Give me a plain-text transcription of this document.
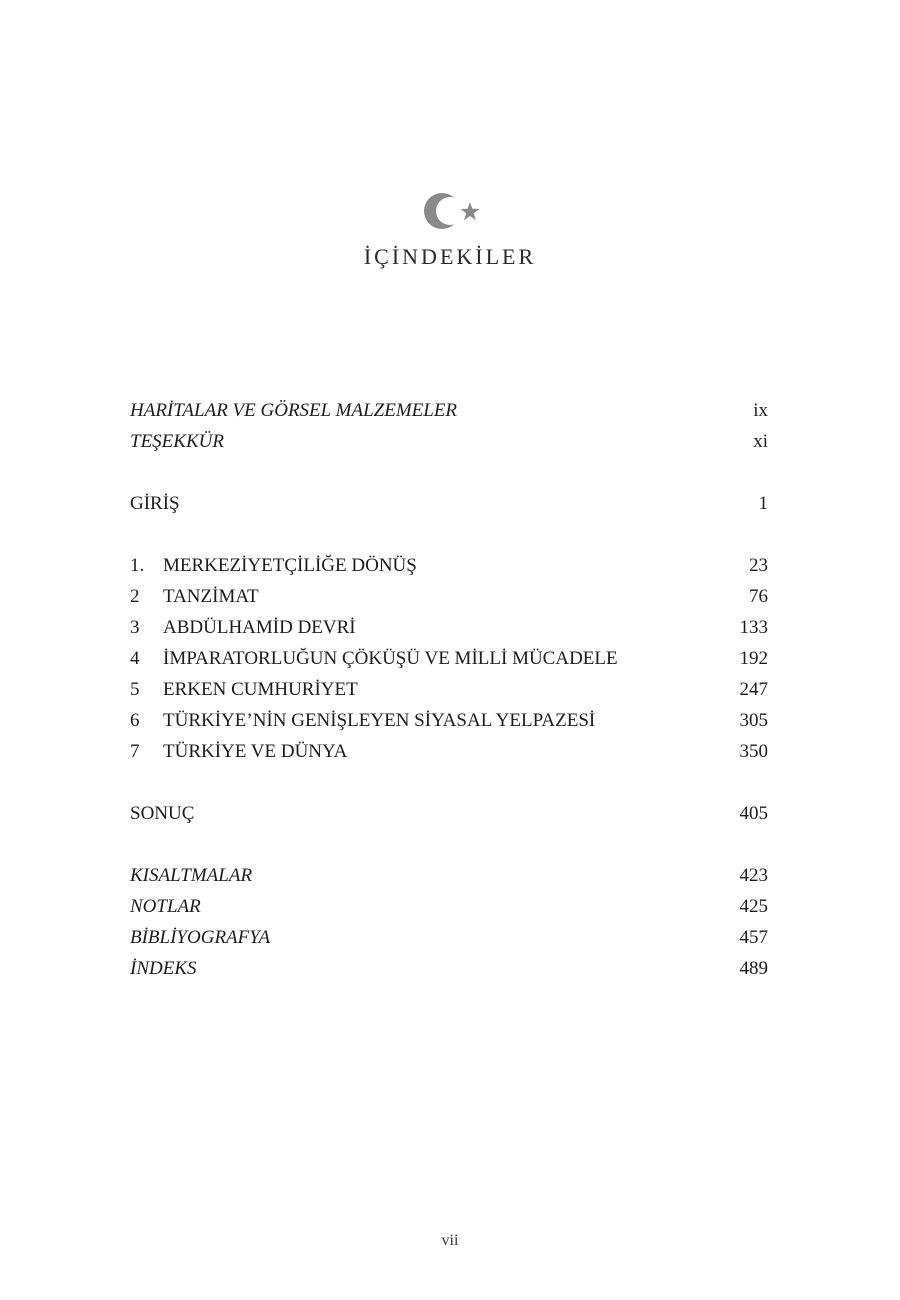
İÇİNDEKİLER
HARİTALAR VE GÖRSEL MALZEMELER	ix
TEŞEKKÜR	xi
GİRİŞ	1
1. MERKEZİYETÇİLİĞE DÖNÜŞ	23
2	TANZİMAT	76
3	ABDÜLHAMİD DEVRİ	133
4	İMPARATORLUĞUN ÇÖKÜŞÜ VE MİLLİ MÜCADELE	192
5	ERKEN CUMHURİYET	247
6	TÜRKİYE’NİN GENİŞLEYEN SİYASAL YELPAZESİ	305
7	TÜRKİYE VE DÜNYA	350
SONUÇ	405
KISALTMALAR	423
NOTLAR	425
BİBLİYOGRAFYA	457
İNDEKS	489
vii
